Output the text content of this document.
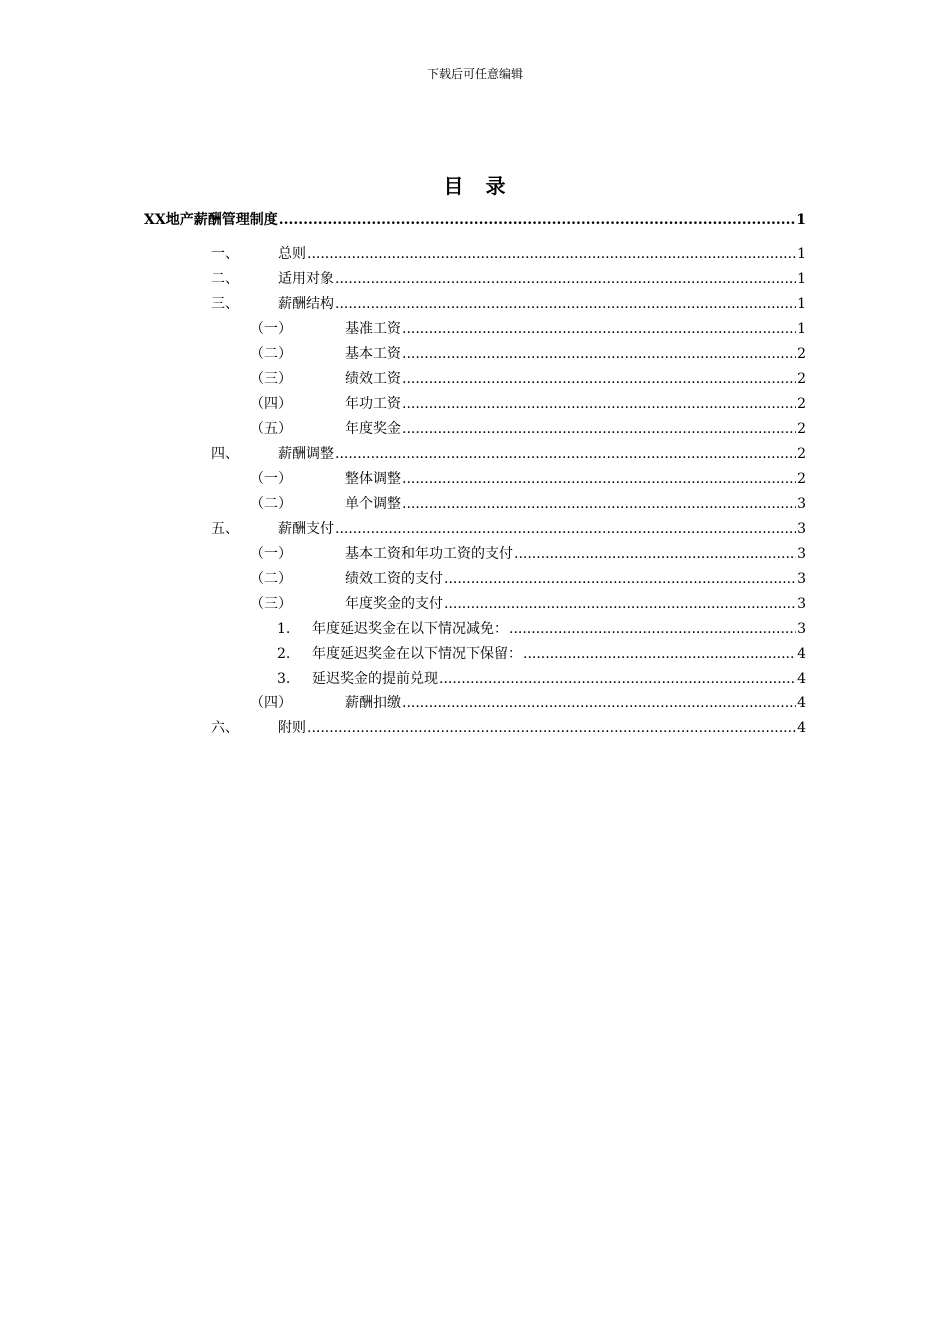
下载后可任意编辑
目　录
XX地产薪酬管理制度 .....	1
一、	总则 .....	1
二、	适用对象 .....	1
三、	薪酬结构 .....	1
（一）	基准工资 .....	1
（二）	基本工资 .....	2
（三）	绩效工资 .....	2
（四）	年功工资 .....	2
（五）	年度奖金 .....	2
四、	薪酬调整 .....	2
（一）	整体调整 .....	2
（二）	单个调整 .....	3
五、	薪酬支付 .....	3
（一）	基本工资和年功工资的支付 .....	3
（二）	绩效工资的支付 .....	3
（三）	年度奖金的支付 .....	3
1.	年度延迟奖金在以下情况减免： .....	3
2.	年度延迟奖金在以下情况下保留： .....	4
3.	延迟奖金的提前兑现 .....	4
（四）	薪酬扣缴 .....	4
六、	附则 .....	4
